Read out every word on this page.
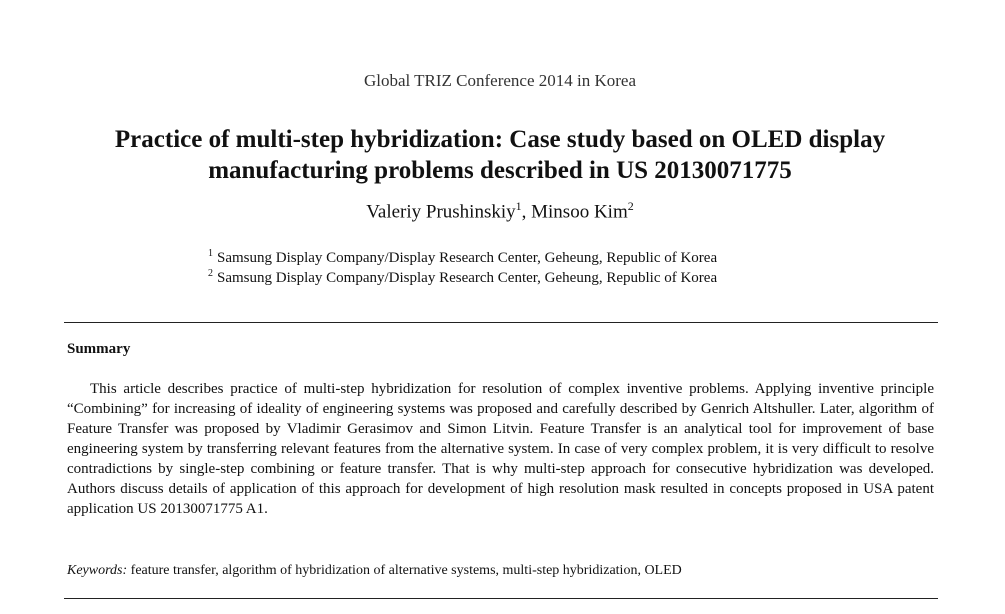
Global TRIZ Conference 2014 in Korea
Practice of multi-step hybridization: Case study based on OLED display manufacturing problems described in US 20130071775
Valeriy Prushinskiy$^1$, Minsoo Kim$^2$
$^1$ Samsung Display Company/Display Research Center, Geheung, Republic of Korea
$^2$ Samsung Display Company/Display Research Center, Geheung, Republic of Korea
Summary

This article describes practice of multi-step hybridization for resolution of complex inventive problems. Applying inventive principle “Combining” for increasing of ideality of engineering systems was proposed and carefully described by Genrich Altshuller. Later, algorithm of Feature Transfer was proposed by Vladimir Gerasimov and Simon Litvin. Feature Transfer is an analytical tool for improvement of base engineering system by transferring relevant features from the alternative system. In case of very complex problem, it is very difficult to resolve contradictions by single-step combining or feature transfer. That is why multi-step approach for consecutive hybridization was developed. Authors discuss details of application of this approach for development of high resolution mask resulted in concepts proposed in USA patent application US 20130071775 A1.

Keywords: feature transfer, algorithm of hybridization of alternative systems, multi-step hybridization, OLED
